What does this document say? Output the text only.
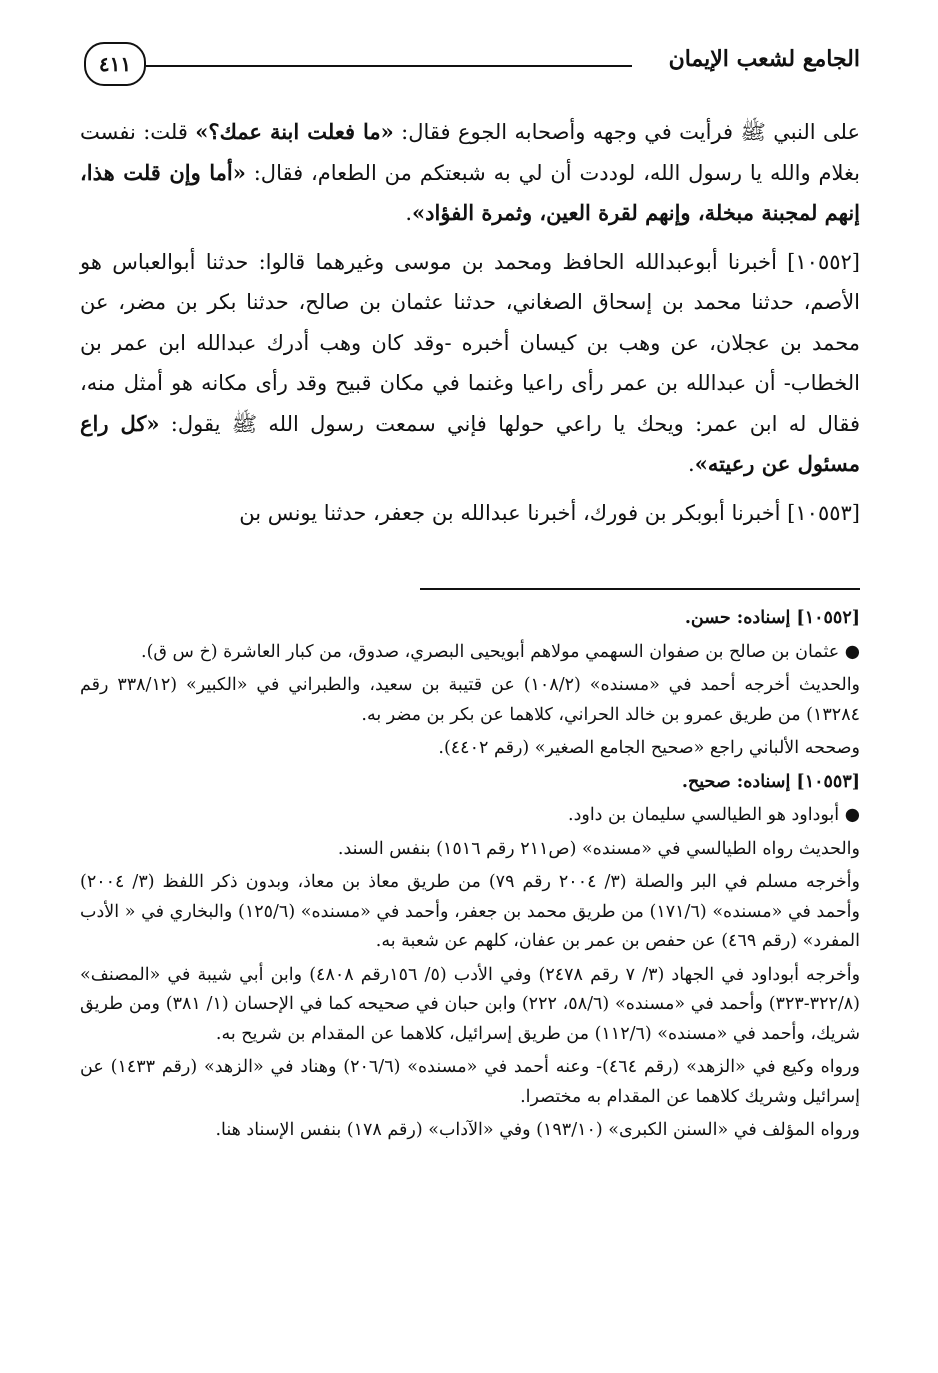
الجامع لشعب الإيمان
٤١١

على النبي ﷺ فرأيت في وجهه وأصحابه الجوع فقال: «ما فعلت ابنة عمك؟» قلت: نفست بغلام والله يا رسول الله، لوددت أن لي به شبعتكم من الطعام، فقال: «أما وإن قلت هذا، إنهم لمجبنة مبخلة، وإنهم لقرة العين، وثمرة الفؤاد».

[١٠٥٥٢] أخبرنا أبوعبدالله الحافظ ومحمد بن موسى وغيرهما قالوا: حدثنا أبوالعباس هو الأصم، حدثنا محمد بن إسحاق الصغاني، حدثنا عثمان بن صالح، حدثنا بكر بن مضر، عن محمد بن عجلان، عن وهب بن كيسان أخبره -وقد كان وهب أدرك عبدالله ابن عمر بن الخطاب- أن عبدالله بن عمر رأى راعيا وغنما في مكان قبيح وقد رأى مكانه هو أمثل منه، فقال له ابن عمر: ويحك يا راعي حولها فإني سمعت رسول الله ﷺ يقول: «كل راع مسئول عن رعيته».

[١٠٥٥٣] أخبرنا أبوبكر بن فورك، أخبرنا عبدالله بن جعفر، حدثنا يونس بن

[١٠٥٥٢] إسناده: حسن.

● عثمان بن صالح بن صفوان السهمي مولاهم أبويحيى البصري، صدوق، من كبار العاشرة (خ س ق).

والحديث أخرجه أحمد في «مسنده» (١٠٨/٢) عن قتيبة بن سعيد، والطبراني في «الكبير» (٣٣٨/١٢ رقم ١٣٢٨٤) من طريق عمرو بن خالد الحراني، كلاهما عن بكر بن مضر به.

وصححه الألباني راجع «صحيح الجامع الصغير» (رقم ٤٤٠٢).

[١٠٥٥٣] إسناده: صحيح.

● أبوداود هو الطيالسي سليمان بن داود.

والحديث رواه الطيالسي في «مسنده» (ص٢١١ رقم ١٥١٦) بنفس السند.

وأخرجه مسلم في البر والصلة (٣/ ٢٠٠٤ رقم ٧٩) من طريق معاذ بن معاذ، وبدون ذكر اللفظ (٣/ ٢٠٠٤) وأحمد في «مسنده» (١٧١/٦) من طريق محمد بن جعفر، وأحمد في «مسنده» (١٢٥/٦) والبخاري في « الأدب المفرد» (رقم ٤٦٩) عن حفص بن عمر بن عفان، كلهم عن شعبة به.

وأخرجه أبوداود في الجهاد (٣/ ٧ رقم ٢٤٧٨) وفي الأدب (٥/ ١٥٦رقم ٤٨٠٨) وابن أبي شيبة في «المصنف» (٣٢٢/٨-٣٢٣) وأحمد في «مسنده» (٥٨/٦، ٢٢٢) وابن حبان في صحيحه كما في الإحسان (١/ ٣٨١) ومن طريق شريك، وأحمد في «مسنده» (١١٢/٦) من طريق إسرائيل، كلاهما عن المقدام بن شريح به.

ورواه وكيع في «الزهد» (رقم ٤٦٤)- وعنه أحمد في «مسنده» (٢٠٦/٦) وهناد في «الزهد» (رقم ١٤٣٣) عن إسرائيل وشريك كلاهما عن المقدام به مختصرا.

ورواه المؤلف في «السنن الكبرى» (١٩٣/١٠) وفي «الآداب» (رقم ١٧٨) بنفس الإسناد هنا.
